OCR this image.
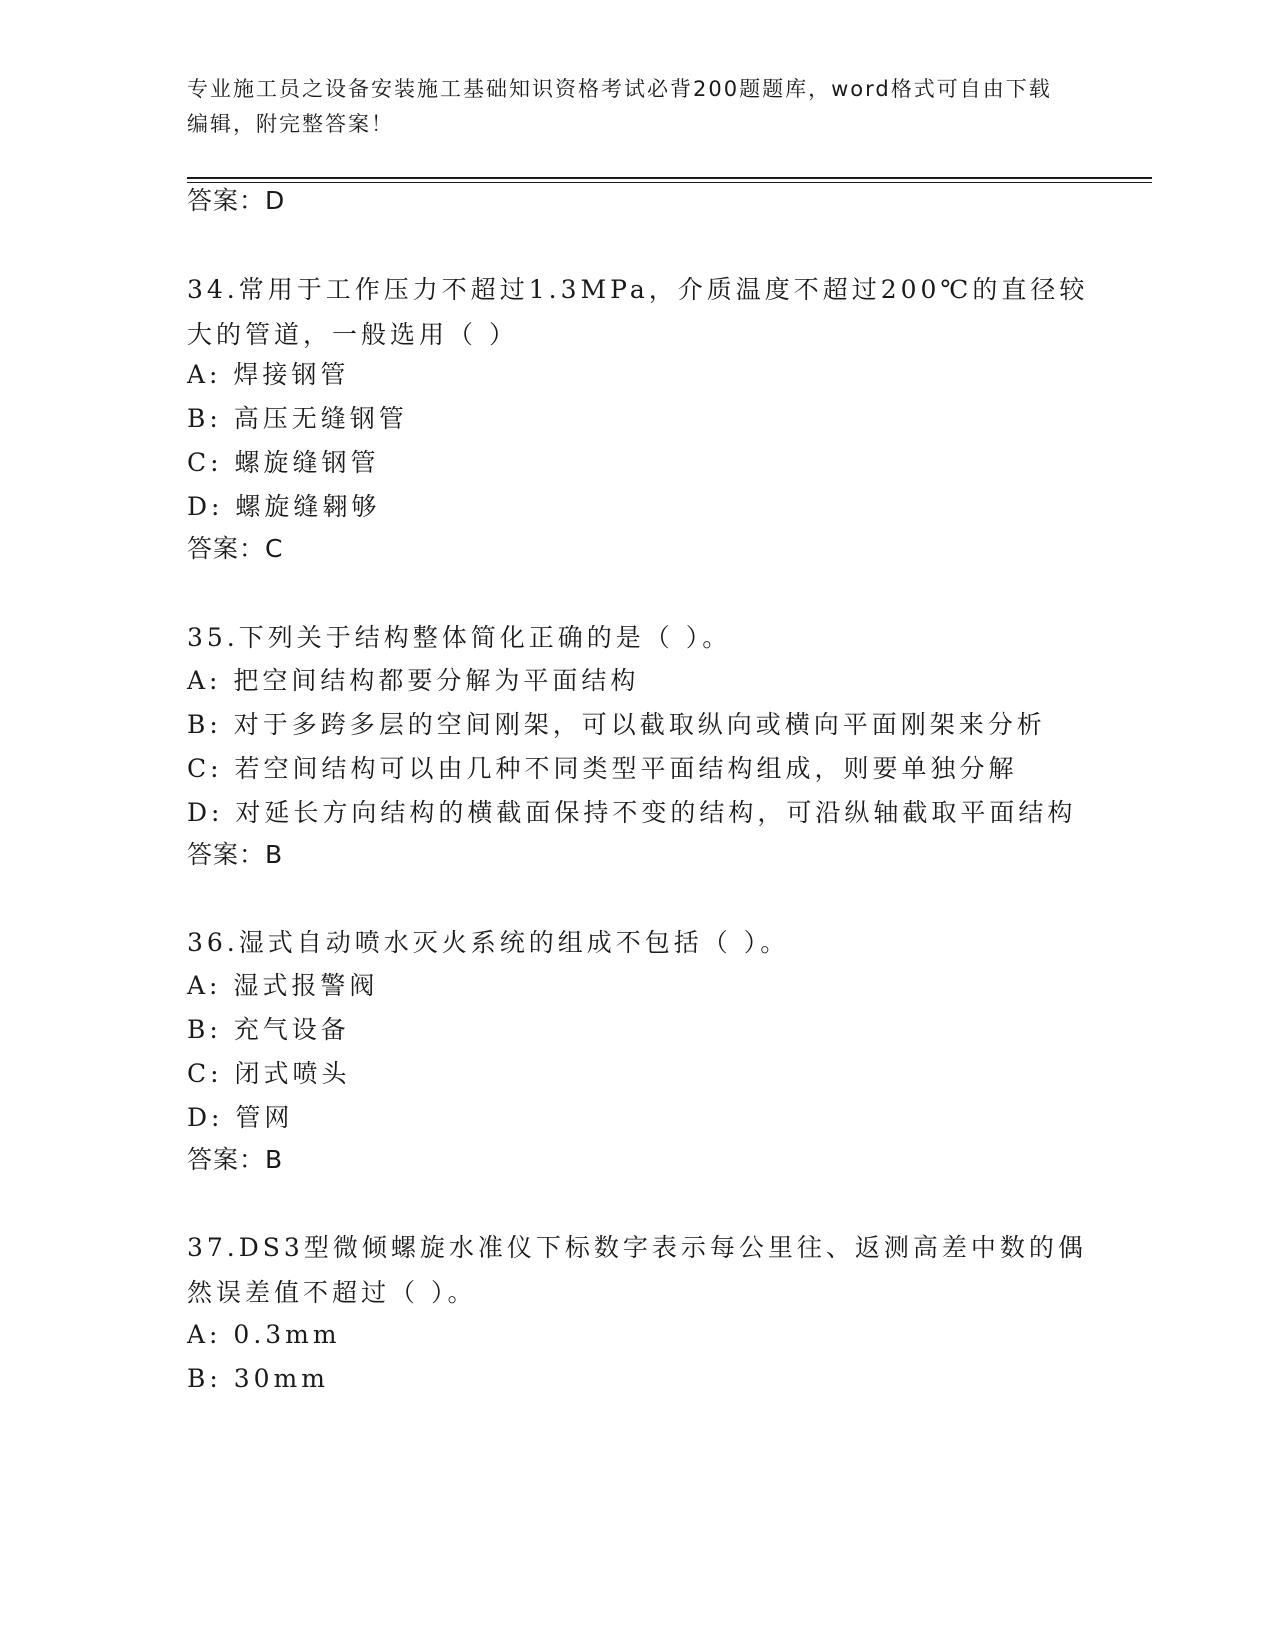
专业施工员之设备安装施工基础知识资格考试必背200题题库，word格式可自由下载编辑，附完整答案！
答案：D
34.常用于工作压力不超过1.3MPa，介质温度不超过200℃的直径较大的管道，一般选用（ ）
A: 焊接钢管
B: 高压无缝钢管
C: 螺旋缝钢管
D: 螺旋缝翱够
答案：C
35.下列关于结构整体简化正确的是（ ）。
A: 把空间结构都要分解为平面结构
B: 对于多跨多层的空间刚架，可以截取纵向或横向平面刚架来分析
C: 若空间结构可以由几种不同类型平面结构组成，则要单独分解
D: 对延长方向结构的横截面保持不变的结构，可沿纵轴截取平面结构
答案：B
36.湿式自动喷水灭火系统的组成不包括（ ）。
A: 湿式报警阀
B: 充气设备
C: 闭式喷头
D: 管网
答案：B
37.DS3型微倾螺旋水准仪下标数字表示每公里往、返测高差中数的偶然误差值不超过（ ）。
A: 0.3mm
B: 30mm
